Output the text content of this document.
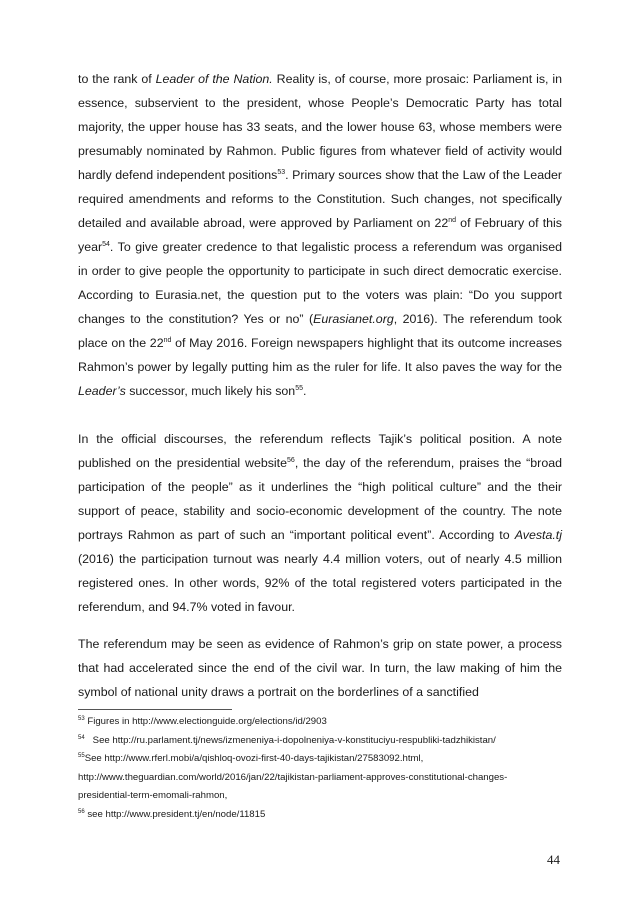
to the rank of Leader of the Nation. Reality is, of course, more prosaic: Parliament is, in essence, subservient to the president, whose People’s Democratic Party has total majority, the upper house has 33 seats, and the lower house 63, whose members were presumably nominated by Rahmon. Public figures from whatever field of activity would hardly defend independent positions$^{53}$. Primary sources show that the Law of the Leader required amendments and reforms to the Constitution. Such changes, not specifically detailed and available abroad, were approved by Parliament on 22nd of February of this year$^{54}$. To give greater credence to that legalistic process a referendum was organised in order to give people the opportunity to participate in such direct democratic exercise. According to Eurasia.net, the question put to the voters was plain: “Do you support changes to the constitution? Yes or no” (Eurasianet.org, 2016). The referendum took place on the 22nd of May 2016. Foreign newspapers highlight that its outcome increases Rahmon’s power by legally putting him as the ruler for life. It also paves the way for the Leader’s successor, much likely his son$^{55}$.

In the official discourses, the referendum reflects Tajik’s political position. A note published on the presidential website$^{56}$, the day of the referendum, praises the “broad participation of the people” as it underlines the “high political culture” and the their support of peace, stability and socio-economic development of the country. The note portrays Rahmon as part of such an “important political event”. According to Avesta.tj (2016) the participation turnout was nearly 4.4 million voters, out of nearly 4.5 million registered ones. In other words, 92% of the total registered voters participated in the referendum, and 94.7% voted in favour.

The referendum may be seen as evidence of Rahmon’s grip on state power, a process that had accelerated since the end of the civil war. In turn, the law making of him the symbol of national unity draws a portrait on the borderlines of a sanctified

$^{53}$ Figures in http://www.electionguide.org/elections/id/2903
$^{54}$   See http://ru.parlament.tj/news/izmeneniya-i-dopolneniya-v-konstituciyu-respubliki-tadzhikistan/
$^{55}$See http://www.rferl.mobi/a/qishloq-ovozi-first-40-days-tajikistan/27583092.html,
http://www.theguardian.com/world/2016/jan/22/tajikistan-parliament-approves-constitutional-changes-
presidential-term-emomali-rahmon,
$^{56}$ see http://www.president.tj/en/node/11815
44
